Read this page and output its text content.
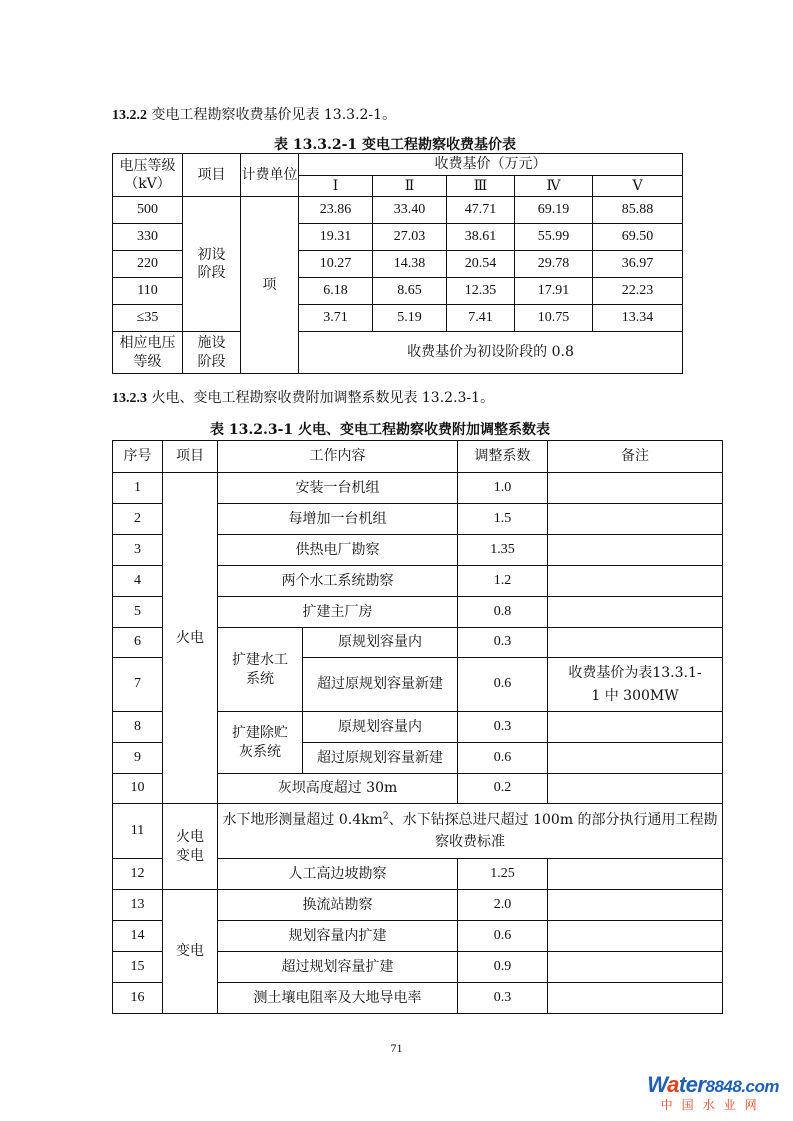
13.2.2 变电工程勘察收费基价见表 13.3.2-1。
表 13.3.2-1 变电工程勘察收费基价表
电压等级（kV）	项目	计费单位	收费基价（万元）				
			Ⅰ	Ⅱ	Ⅲ	Ⅳ	Ⅴ
500	初设阶段	项	23.86	33.40	47.71	69.19	85.88
330			19.31	27.03	38.61	55.99	69.50
220			10.27	14.38	20.54	29.78	36.97
110			6.18	8.65	12.35	17.91	22.23
≤35			3.71	5.19	7.41	10.75	13.34
相应电压等级	施设阶段		收费基价为初设阶段的 0.8				
13.2.3 火电、变电工程勘察收费附加调整系数见表 13.2.3-1。
表 13.2.3-1 火电、变电工程勘察收费附加调整系数表
序号	项目	工作内容		调整系数	备注
1	火电	安装一台机组		1.0	
2		每增加一台机组		1.5	
3		供热电厂勘察		1.35	
4		两个水工系统勘察		1.2	
5		扩建主厂房		0.8	
6		扩建水工系统	原规划容量内	0.3	
7			超过原规划容量新建	0.6	收费基价为表13.3.1-1 中 300MW
8		扩建除贮灰系统	原规划容量内	0.3	
9			超过原规划容量新建	0.6	
10		灰坝高度超过 30m		0.2	
11	火电变电	水下地形测量超过 $0.4km^2$、水下钻探总进尺超过 100m 的部分执行通用工程勘察收费标准			
12		人工高边坡勘察		1.25	
13	变电	换流站勘察		2.0	
14		规划容量内扩建		0.6	
15		超过规划容量扩建		0.9	
16		测土壤电阻率及大地导电率		0.3	
71
Water8848.com
中国水业网
